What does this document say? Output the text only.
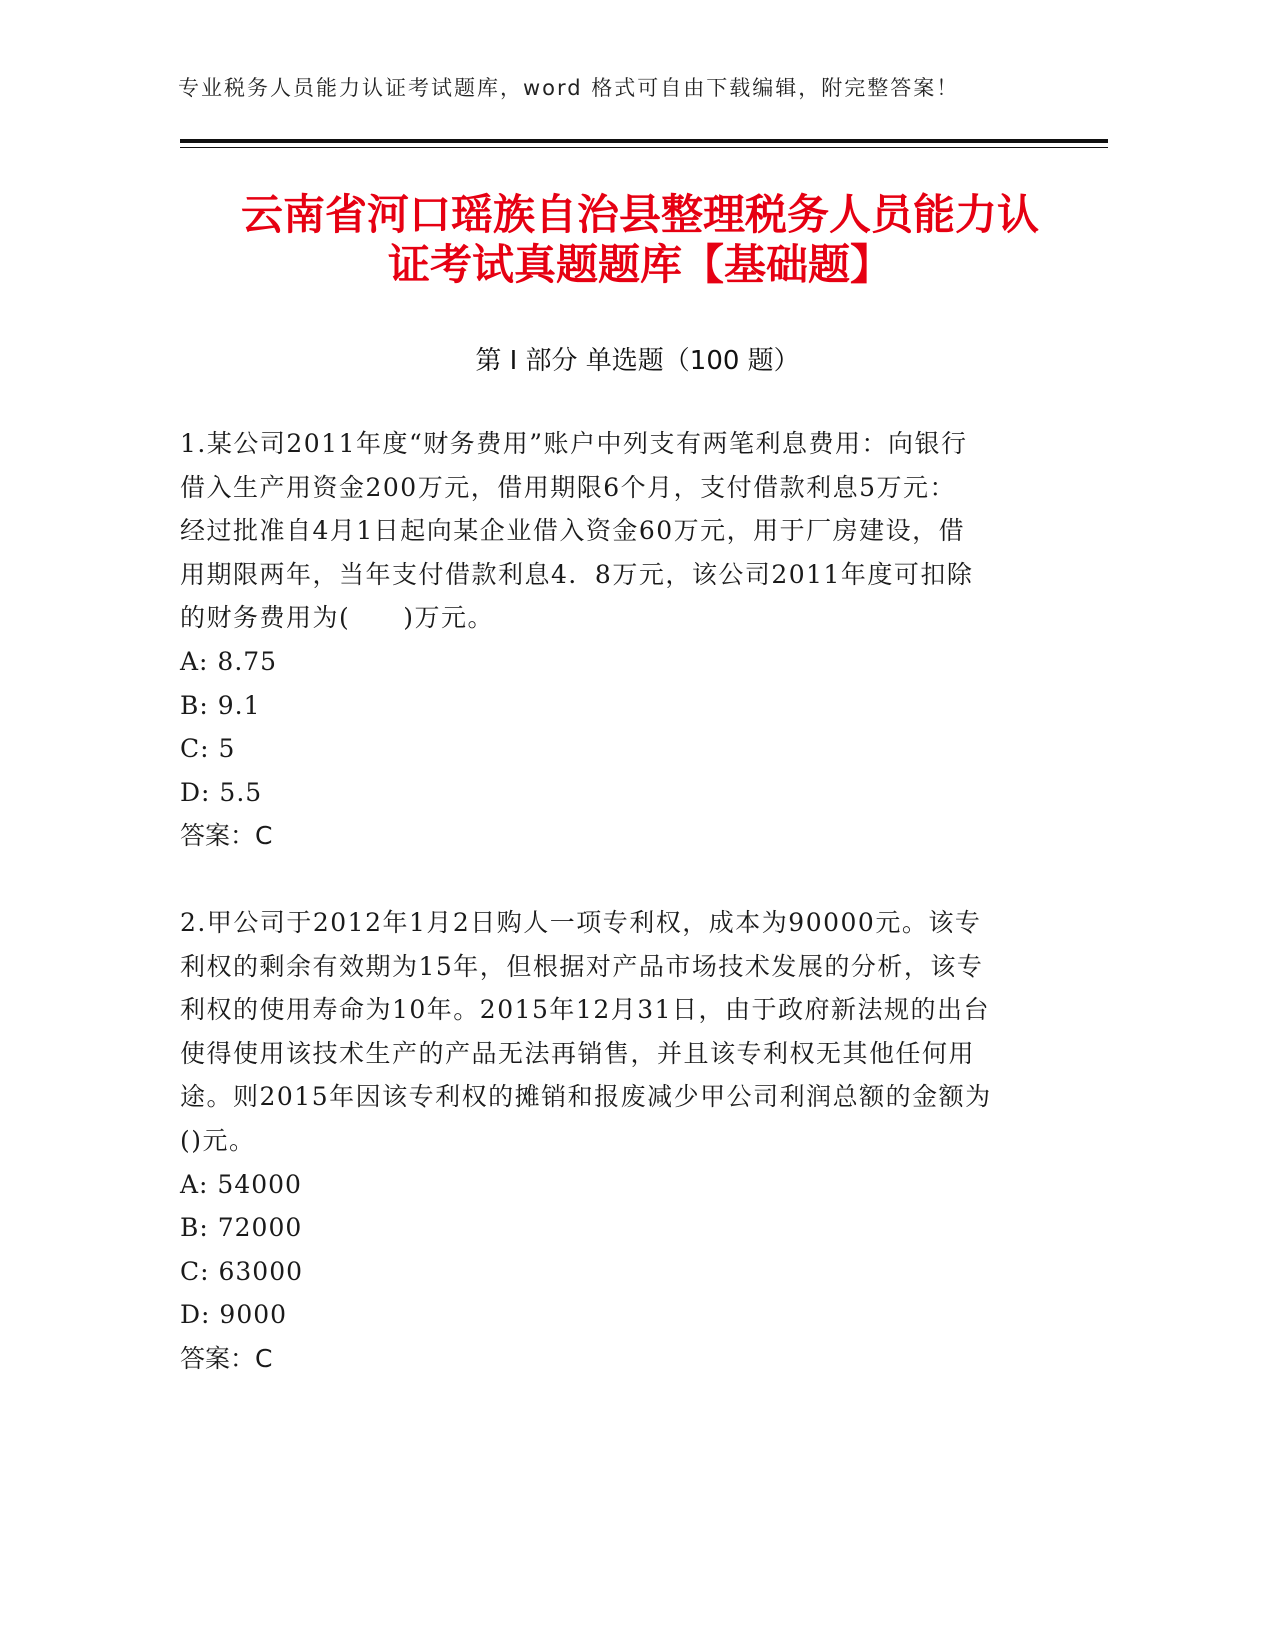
专业税务人员能力认证考试题库，word 格式可自由下载编辑，附完整答案！
云南省河口瑶族自治县整理税务人员能力认
证考试真题题库【基础题】
第 I 部分 单选题（100 题）

1.某公司2011年度“财务费用”账户中列支有两笔利息费用：向银行
借入生产用资金200万元，借用期限6个月，支付借款利息5万元：
经过批准自4月1日起向某企业借入资金60万元，用于厂房建设，借
用期限两年，当年支付借款利息4．8万元，该公司2011年度可扣除
的财务费用为(　　)万元。

A: 8.75
B: 9.1
C: 5
D: 5.5
答案：C

2.甲公司于2012年1月2日购人一项专利权，成本为90000元。该专
利权的剩余有效期为15年，但根据对产品市场技术发展的分析，该专
利权的使用寿命为10年。2015年12月31日，由于政府新法规的出台
使得使用该技术生产的产品无法再销售，并且该专利权无其他任何用
途。则2015年因该专利权的摊销和报废减少甲公司利润总额的金额为
()元。

A: 54000
B: 72000
C: 63000
D: 9000
答案：C
